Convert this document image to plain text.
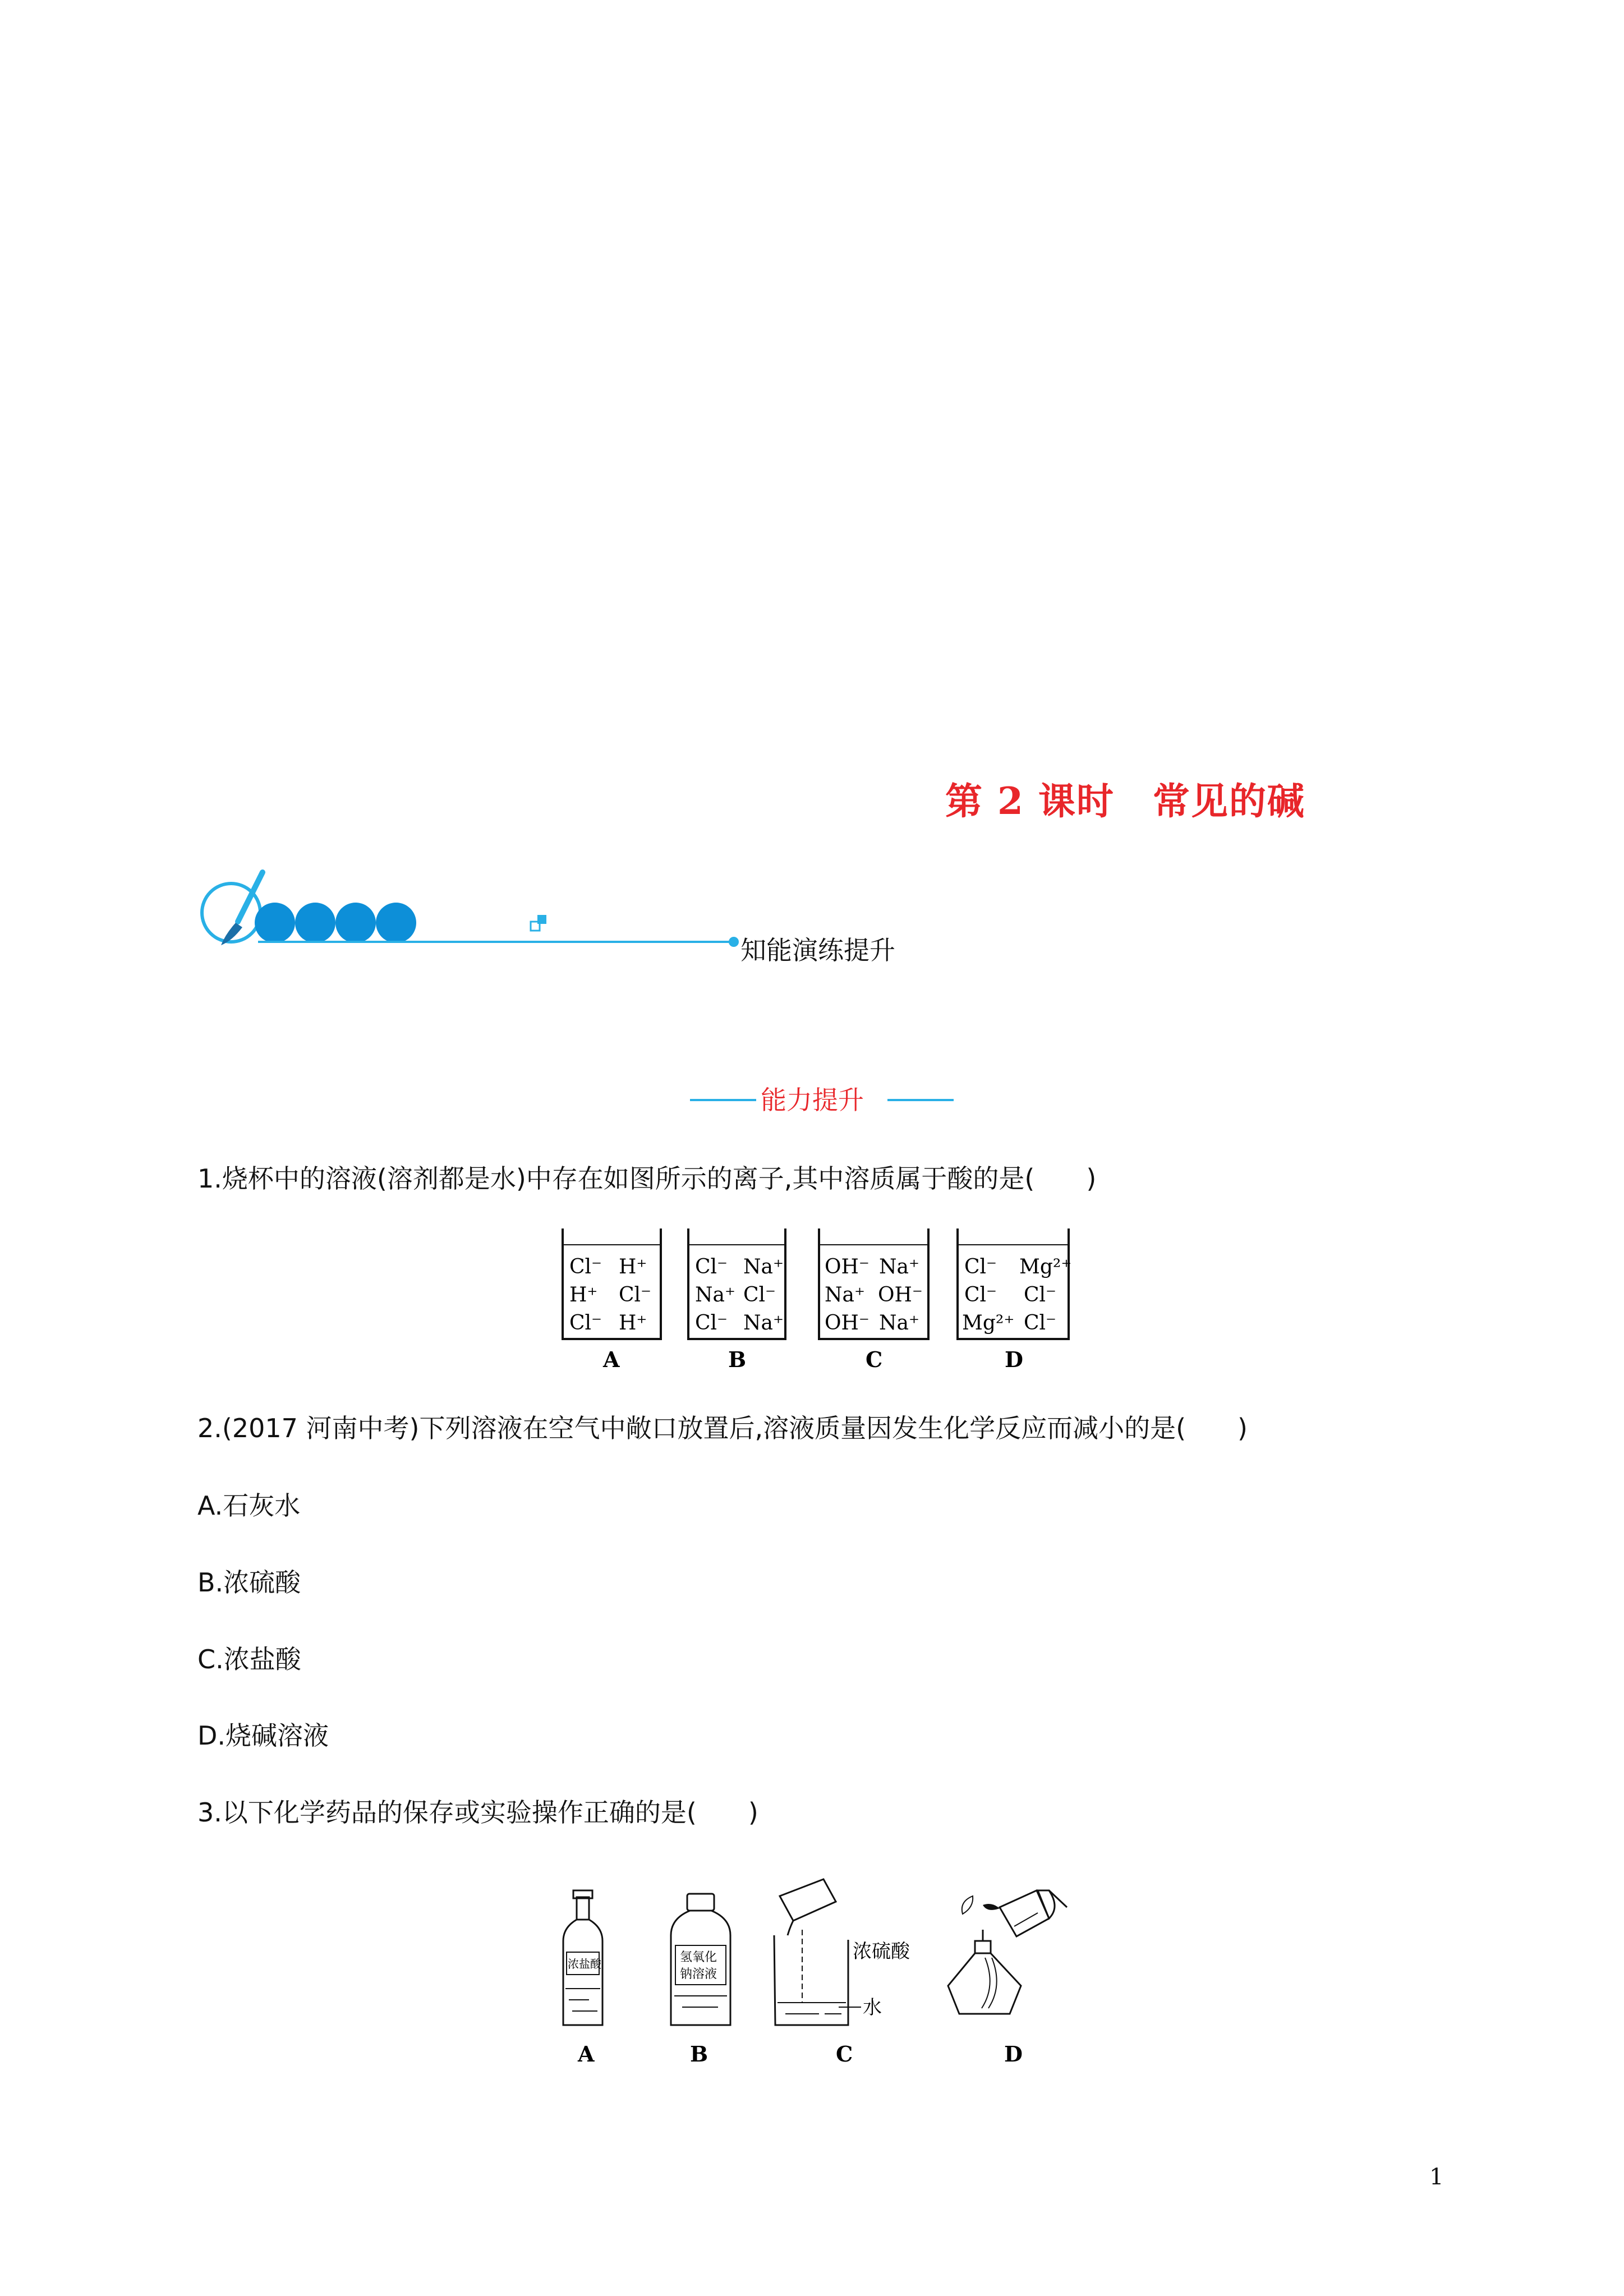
第 2 课时　常见的碱
知能演练提升
能力提升
1.烧杯中的溶液(溶剂都是水)中存在如图所示的离子,其中溶质属于酸的是(　　)
Cl⁻ H⁺
H⁺ Cl⁻
Cl⁻ H⁺
A
Cl⁻ Na⁺
Na⁺ Cl⁻
Cl⁻ Na⁺
B
OH⁻ Na⁺
Na⁺ OH⁻
OH⁻ Na⁺
C
Cl⁻ Mg²⁺
Cl⁻ Cl⁻
Mg²⁺ Cl⁻
D
2.(2017 河南中考)下列溶液在空气中敞口放置后,溶液质量因发生化学反应而减小的是(　　)
A.石灰水
B.浓硫酸
C.浓盐酸
D.烧碱溶液
3.以下化学药品的保存或实验操作正确的是(　　)
浓盐酸
A
氢氧化
钠溶液
B
浓硫酸
水
C	D
1
